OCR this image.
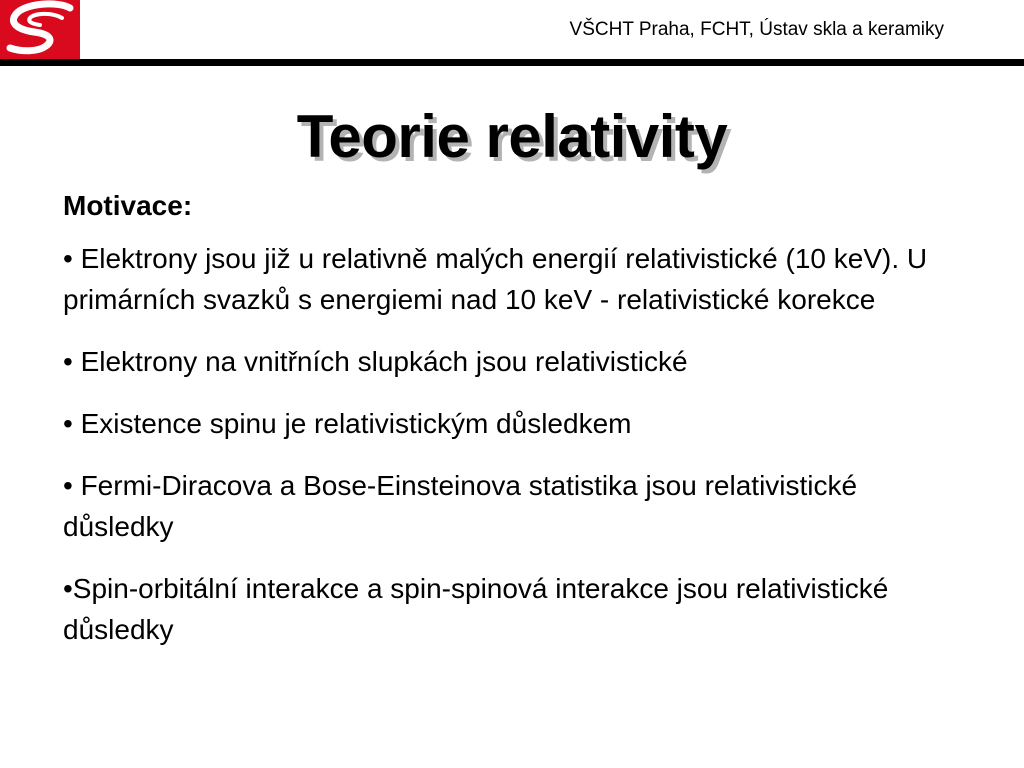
VŠCHT Praha, FCHT, Ústav skla a keramiky
Teorie relativity
Motivace:
• Elektrony jsou již u relativně malých energií relativistické (10 keV). U primárních svazků s energiemi nad 10 keV - relativistické korekce
• Elektrony na vnitřních slupkách jsou relativistické
• Existence spinu je relativistickým důsledkem
• Fermi-Diracova a Bose-Einsteinova statistika jsou relativistické důsledky
•Spin-orbitální interakce a spin-spinová interakce jsou relativistické důsledky
